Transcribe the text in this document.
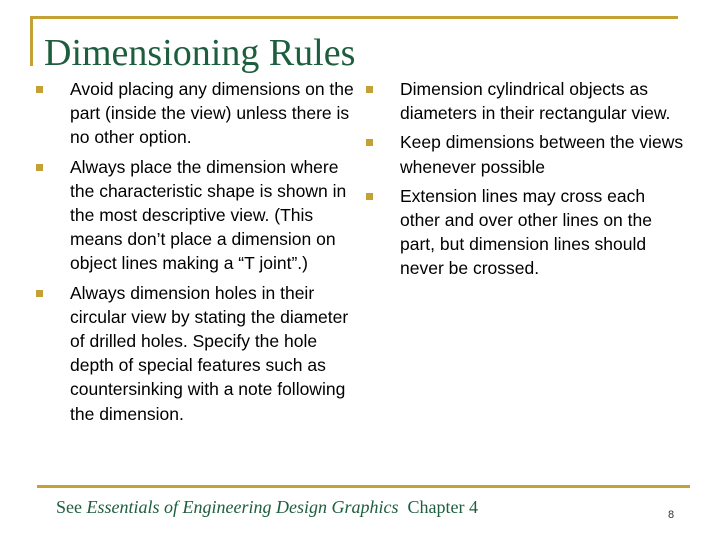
Dimensioning Rules
Avoid placing any dimensions on the part (inside the view) unless there is no other option.
Always place the dimension where the characteristic shape is shown in the most descriptive view. (This means don’t place a dimension on object lines making a “T joint”.)
Always dimension holes in their circular view by stating the diameter of drilled holes. Specify the hole depth of special features such as countersinking with a note following the dimension.
Dimension cylindrical objects as diameters in their rectangular view.
Keep dimensions between the views whenever possible
Extension lines may cross each other and over other lines on the part, but dimension lines should never be crossed.
See Essentials of Engineering Design Graphics Chapter 4	8
